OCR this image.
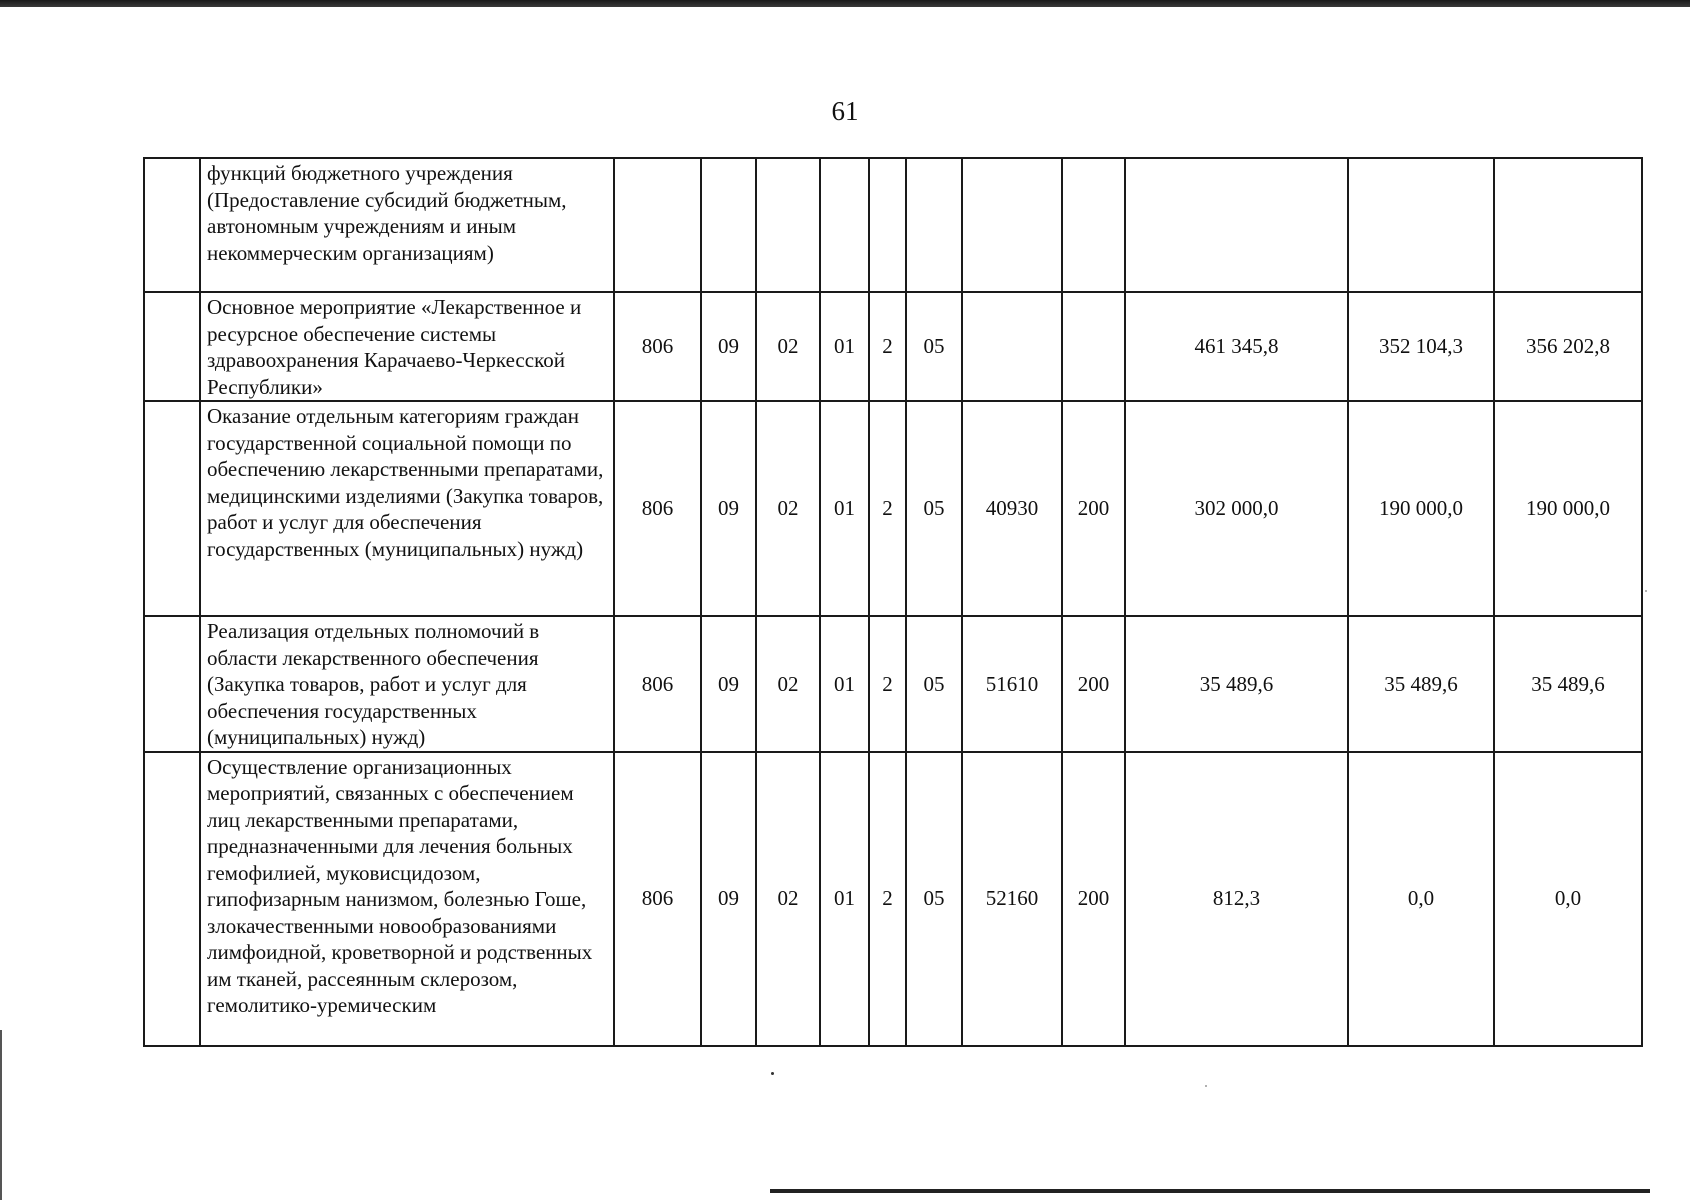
61
	функций бюджетного учреждения (Предоставление субсидий бюджетным, автономным учреждениям и иным некоммерческим организациям)											
	Основное мероприятие «Лекарственное и ресурсное обеспечение системы здравоохранения Карачаево-Черкесской Республики»	806	09	02	01	2	05			461 345,8	352 104,3	356 202,8
	Оказание отдельным категориям граждан государственной социальной помощи по обеспечению лекарственными препаратами, медицинскими изделиями (Закупка товаров, работ и услуг для обеспечения государственных (муниципальных) нужд)	806	09	02	01	2	05	40930	200	302 000,0	190 000,0	190 000,0
	Реализация отдельных полномочий в области лекарственного обеспечения (Закупка товаров, работ и услуг для обеспечения государственных (муниципальных) нужд)	806	09	02	01	2	05	51610	200	35 489,6	35 489,6	35 489,6
	Осуществление организационных мероприятий, связанных с обеспечением лиц лекарственными препаратами, предназначенными для лечения больных гемофилией, муковисцидозом, гипофизарным нанизмом, болезнью Гоше, злокачественными новообразованиями лимфоидной, кроветворной и родственных им тканей, рассеянным склерозом, гемолитико-уремическим	806	09	02	01	2	05	52160	200	812,3	0,0	0,0
